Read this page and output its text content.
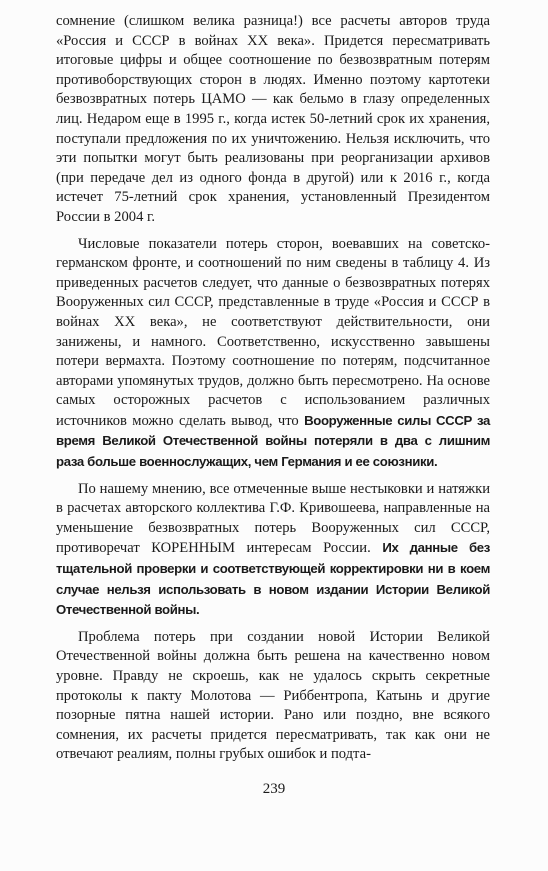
сомнение (слишком велика разница!) все расчеты авторов труда «Россия и СССР в войнах XX века». Придется пересматривать итоговые цифры и общее соотношение по безвозвратным потерям противоборствующих сторон в людях. Именно поэтому картотеки безвозвратных потерь ЦАМО — как бельмо в глазу определенных лиц. Недаром еще в 1995 г., когда истек 50-летний срок их хранения, поступали предложения по их уничтожению. Нельзя исключить, что эти попытки могут быть реализованы при реорганизации архивов (при передаче дел из одного фонда в другой) или к 2016 г., когда истечет 75-летний срок хранения, установленный Президентом России в 2004 г.

Числовые показатели потерь сторон, воевавших на советско-германском фронте, и соотношений по ним сведены в таблицу 4. Из приведенных расчетов следует, что данные о безвозвратных потерях Вооруженных сил СССР, представленные в труде «Россия и СССР в войнах XX века», не соответствуют действительности, они занижены, и намного. Соответственно, искусственно завышены потери вермахта. Поэтому соотношение по потерям, подсчитанное авторами упомянутых трудов, должно быть пересмотрено. На основе самых осторожных расчетов с использованием различных источников можно сделать вывод, что Вооруженные силы СССР за время Великой Отечественной войны потеряли в два с лишним раза больше военнослужащих, чем Германия и ее союзники.

По нашему мнению, все отмеченные выше нестыковки и натяжки в расчетах авторского коллектива Г.Ф. Кривошеева, направленные на уменьшение безвозвратных потерь Вооруженных сил СССР, противоречат КОРЕННЫМ интересам России. Их данные без тщательной проверки и соответствующей корректировки ни в коем случае нельзя использовать в новом издании Истории Великой Отечественной войны.

Проблема потерь при создании новой Истории Великой Отечественной войны должна быть решена на качественно новом уровне. Правду не скроешь, как не удалось скрыть секретные протоколы к пакту Молотова — Риббентропа, Катынь и другие позорные пятна нашей истории. Рано или поздно, вне всякого сомнения, их расчеты придется пересматривать, так как они не отвечают реалиям, полны грубых ошибок и подта-

239
